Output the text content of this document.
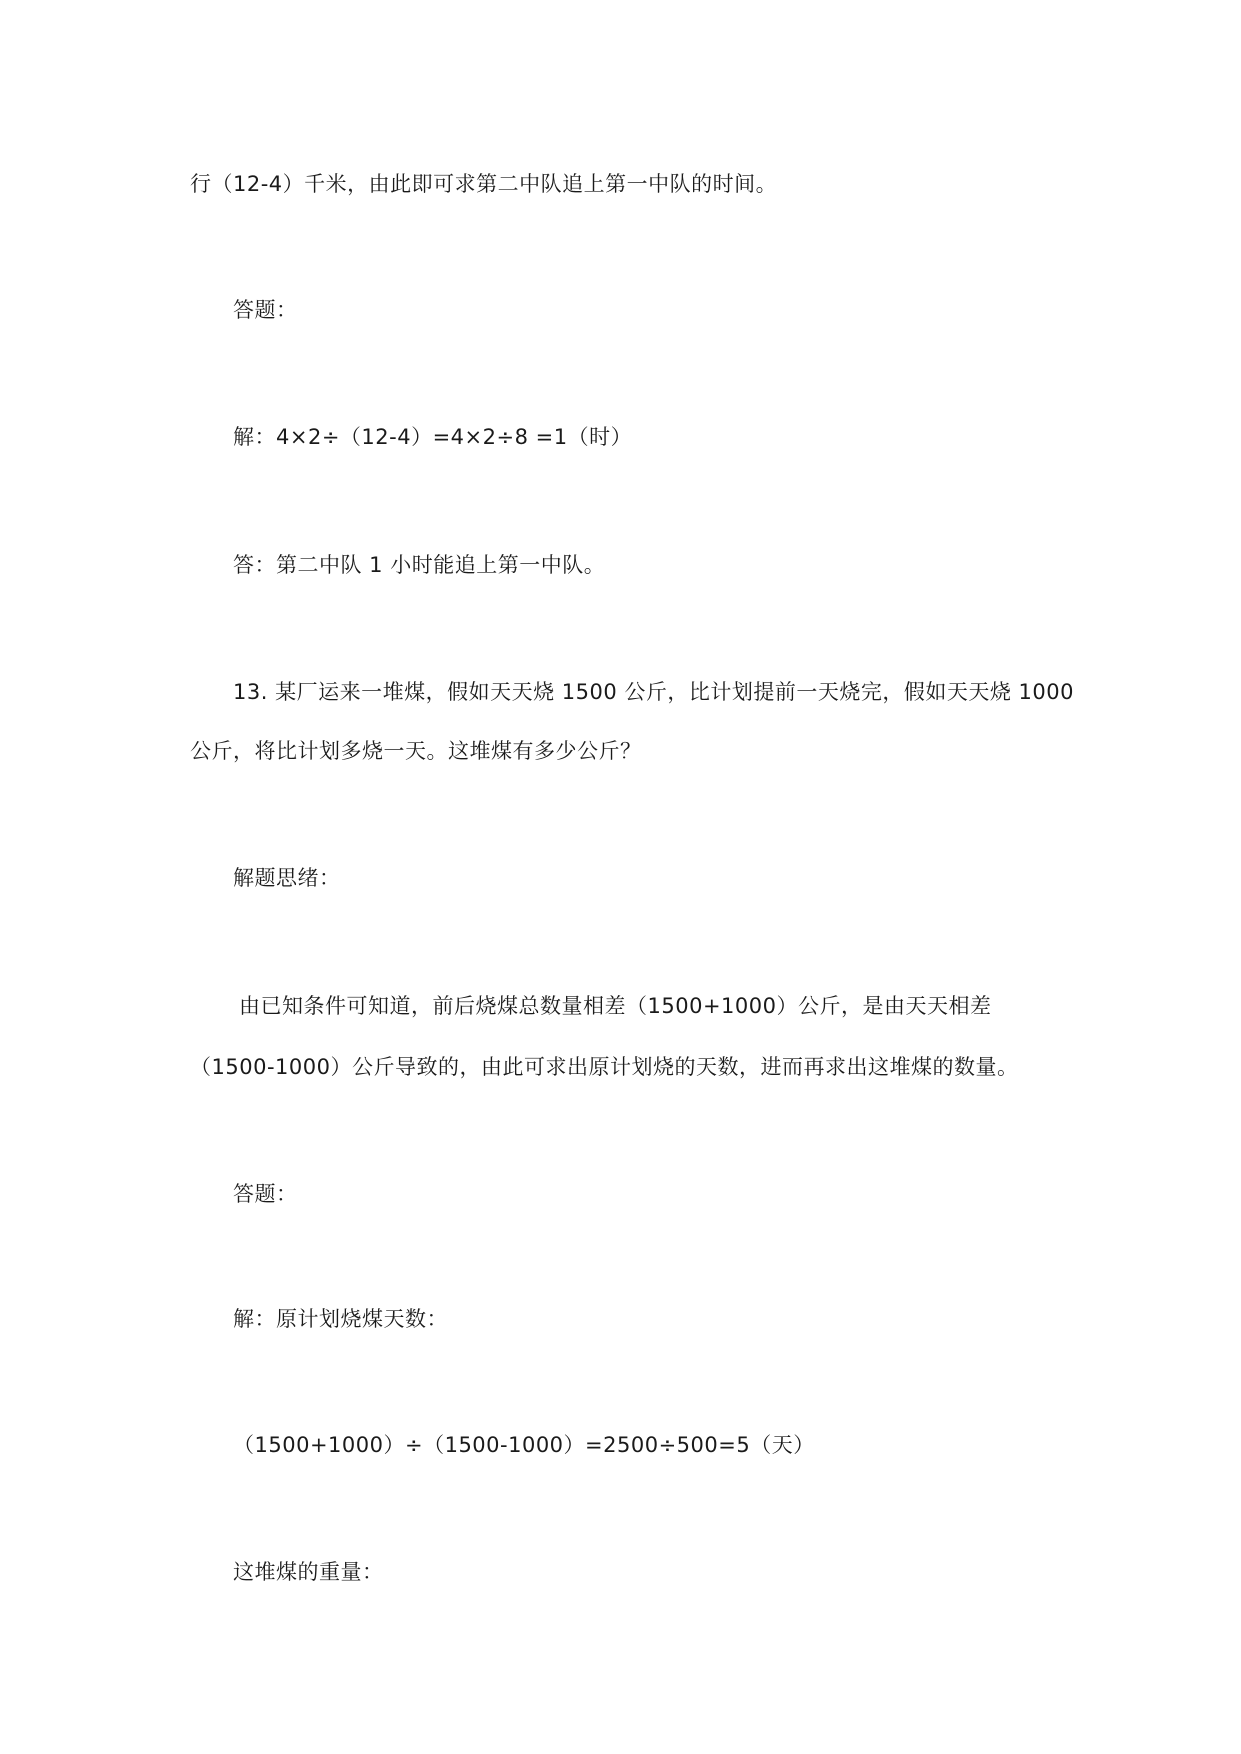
行（12-4）千米，由此即可求第二中队追上第一中队的时间。
答题：
解：4×2÷（12-4）=4×2÷8 =1（时）
答：第二中队 1 小时能追上第一中队。
13. 某厂运来一堆煤，假如天天烧 1500 公斤，比计划提前一天烧完，假如天天烧 1000
公斤，将比计划多烧一天。这堆煤有多少公斤？
解题思绪：
由已知条件可知道，前后烧煤总数量相差（1500+1000）公斤，是由天天相差
（1500-1000）公斤导致的，由此可求出原计划烧的天数，进而再求出这堆煤的数量。
答题：
解：原计划烧煤天数：
（1500+1000）÷（1500-1000）=2500÷500=5（天）
这堆煤的重量：
